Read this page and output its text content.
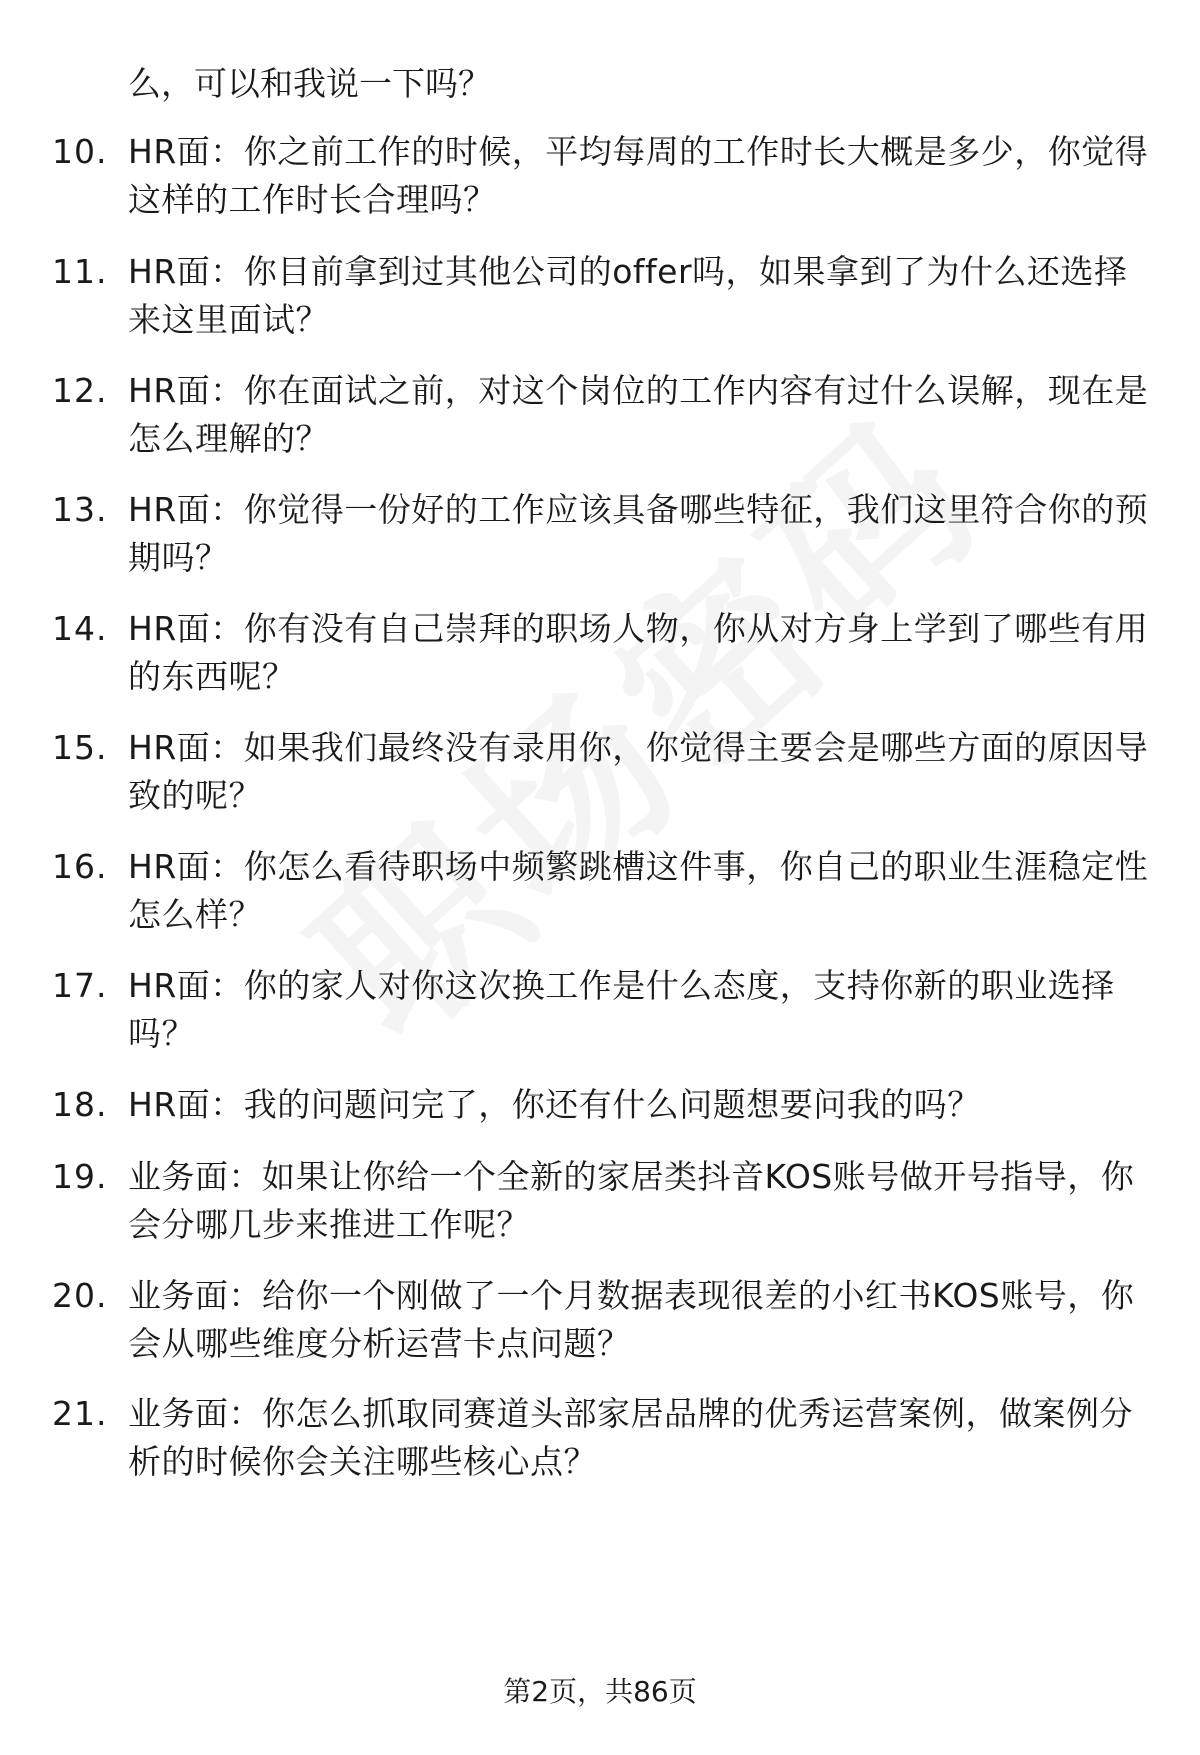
么，可以和我说一下吗？
10. HR面：你之前工作的时候，平均每周的工作时长大概是多少，你觉得这样的工作时长合理吗？
11. HR面：你目前拿到过其他公司的offer吗，如果拿到了为什么还选择来这里面试？
12. HR面：你在面试之前，对这个岗位的工作内容有过什么误解，现在是怎么理解的？
13. HR面：你觉得一份好的工作应该具备哪些特征，我们这里符合你的预期吗？
14. HR面：你有没有自己崇拜的职场人物，你从对方身上学到了哪些有用的东西呢？
15. HR面：如果我们最终没有录用你，你觉得主要会是哪些方面的原因导致的呢？
16. HR面：你怎么看待职场中频繁跳槽这件事，你自己的职业生涯稳定性怎么样？
17. HR面：你的家人对你这次换工作是什么态度，支持你新的职业选择吗？
18. HR面：我的问题问完了，你还有什么问题想要问我的吗？
19. 业务面：如果让你给一个全新的家居类抖音KOS账号做开号指导，你会分哪几步来推进工作呢？
20. 业务面：给你一个刚做了一个月数据表现很差的小红书KOS账号，你会从哪些维度分析运营卡点问题？
21. 业务面：你怎么抓取同赛道头部家居品牌的优秀运营案例，做案例分析的时候你会关注哪些核心点？
第2页，共86页
